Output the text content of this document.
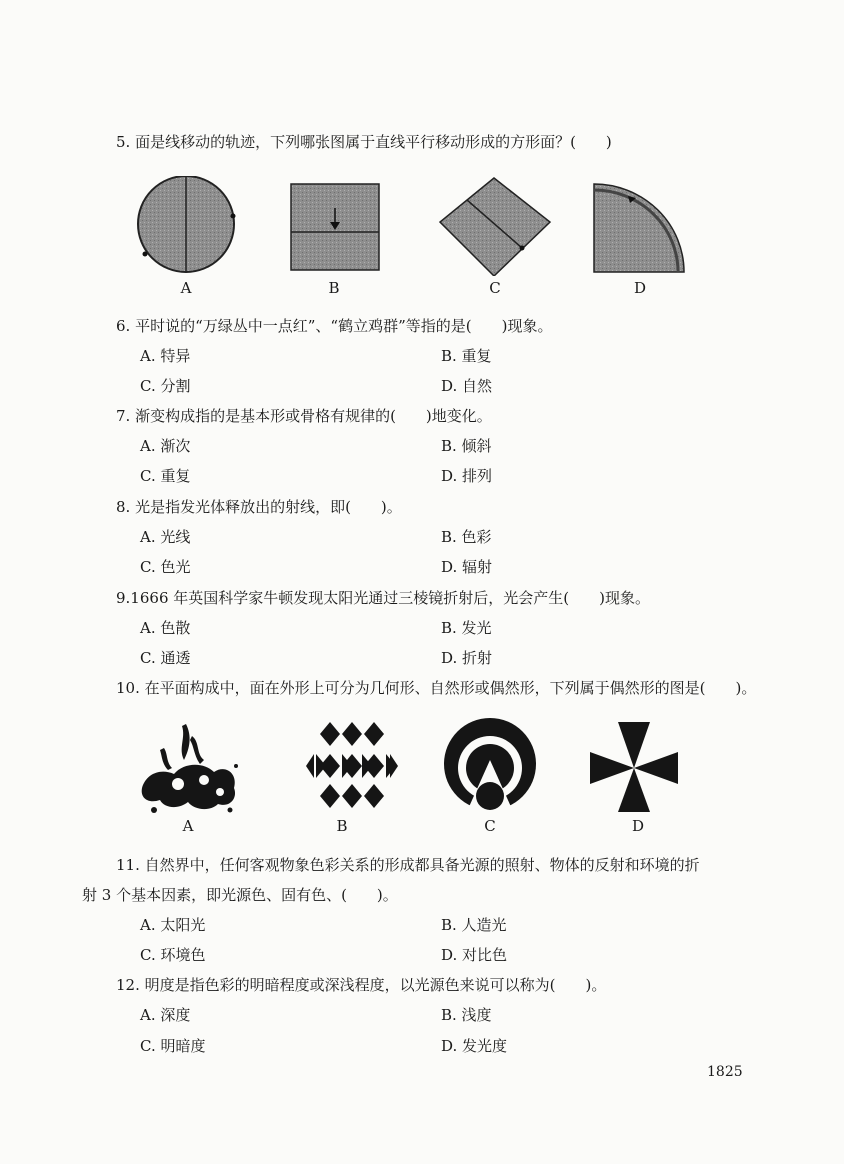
5. 面是线移动的轨迹，下列哪张图属于直线平行移动形成的方形面？(　　)
A	B	C	D
6. 平时说的“万绿丛中一点红”、“鹤立鸡群”等指的是(　　)现象。
A. 特异	B. 重复
C. 分割	D. 自然
7. 渐变构成指的是基本形或骨格有规律的(　　)地变化。
A. 渐次	B. 倾斜
C. 重复	D. 排列
8. 光是指发光体释放出的射线，即(　　)。
A. 光线	B. 色彩
C. 色光	D. 辐射
9.1666 年英国科学家牛顿发现太阳光通过三棱镜折射后，光会产生(　　)现象。
A. 色散	B. 发光
C. 通透	D. 折射
10. 在平面构成中，面在外形上可分为几何形、自然形或偶然形，下列属于偶然形的图是(　　)。
A	B	C	D
11. 自然界中，任何客观物象色彩关系的形成都具备光源的照射、物体的反射和环境的折
射 3 个基本因素，即光源色、固有色、(　　)。
A. 太阳光	B. 人造光
C. 环境色	D. 对比色
12. 明度是指色彩的明暗程度或深浅程度，以光源色来说可以称为(　　)。
A. 深度	B. 浅度
C. 明暗度	D. 发光度
1825
